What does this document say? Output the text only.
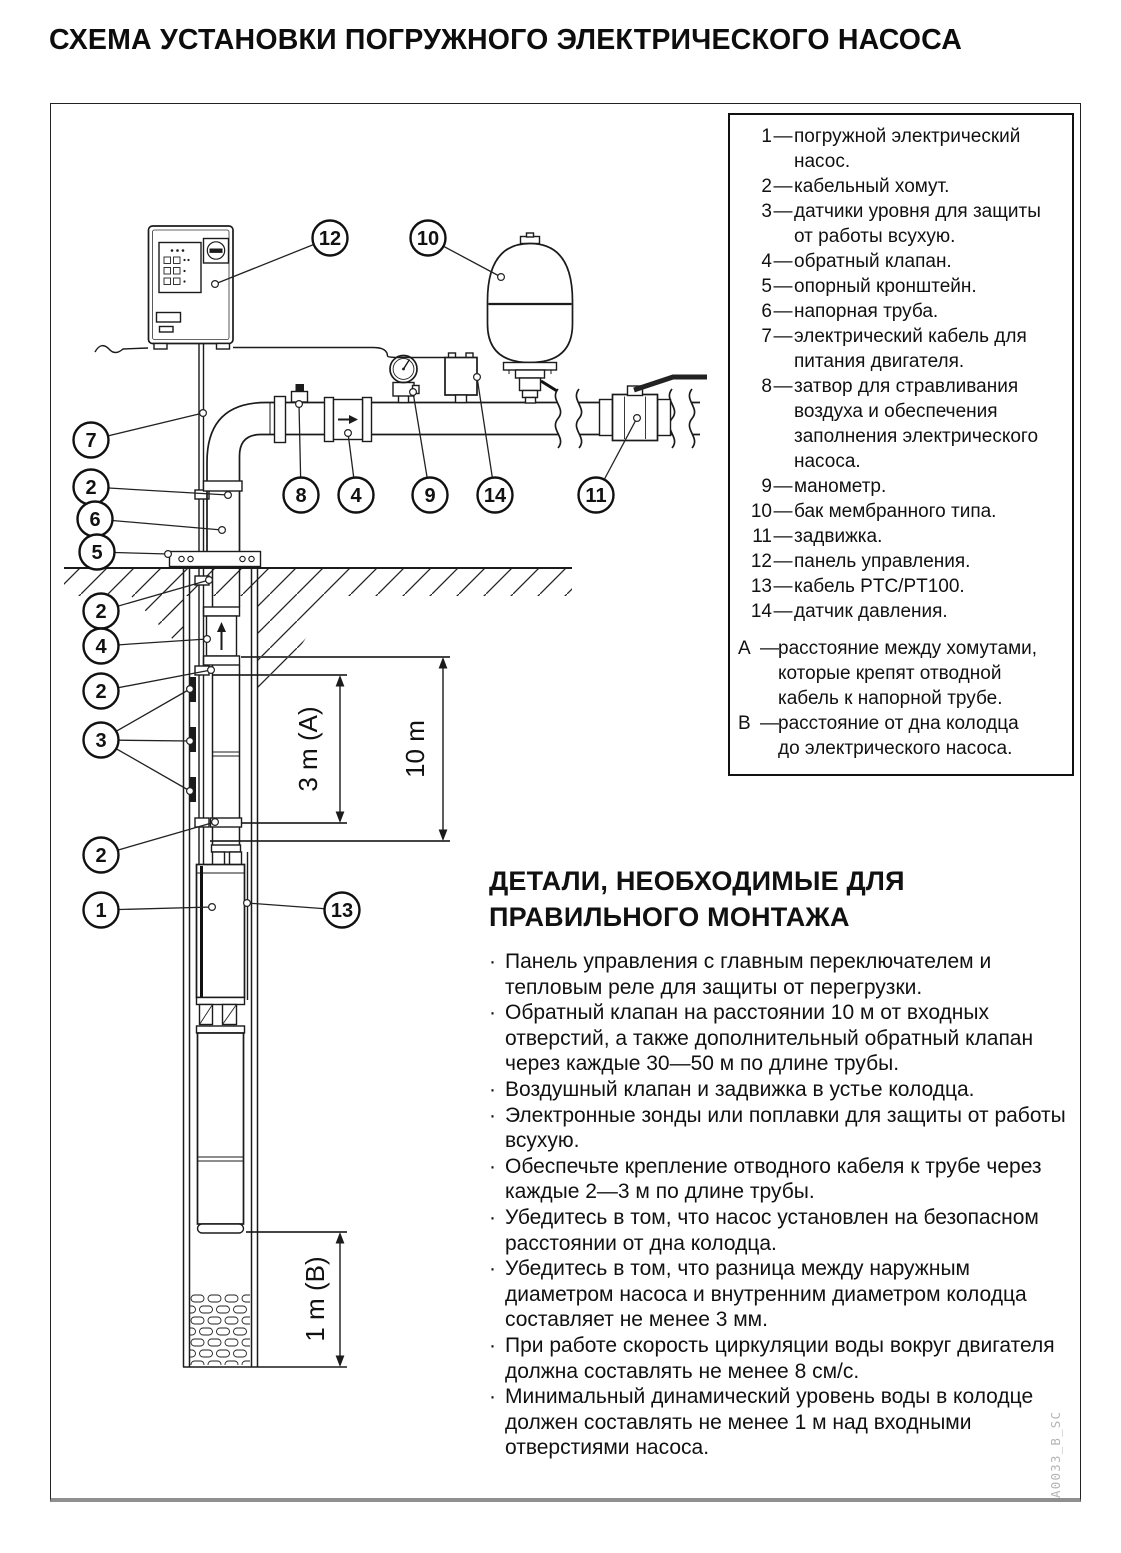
СХЕМА УСТАНОВКИ ПОГРУЖНОГО ЭЛЕКТРИЧЕСКОГО НАСОСА
3 m (A)	10 m
1 m (B)
12	10
7
2
6
5
2
4
2
3
2
1	13
8 4	9 14	11
1 — погружной электрический насос.
2 — кабельный хомут.
3 — датчики уровня для защиты от работы всухую.
4 — обратный клапан.
5 — опорный кронштейн.
6 — напорная труба.
7 — электрический кабель для питания двигателя.
8 — затвор для стравливания воздуха и обеспечения заполнения электрического насоса.
9 — манометр.
10 — бак мембранного типа.
11 — задвижка.
12 — панель управления.
13 — кабель PTC/PT100.
14 — датчик давления.
A — расстояние между хомутами, которые крепят отводной кабель к напорной трубе.
B — расстояние от дна колодца до электрического насоса.
ДЕТАЛИ, НЕОБХОДИМЫЕ ДЛЯ ПРАВИЛЬНОГО МОНТАЖА
· Панель управления с главным переключателем и тепловым реле для защиты от перегрузки.
· Обратный клапан на расстоянии 10 м от входных отверстий, а также дополнительный обратный клапан через каждые 30—50 м по длине трубы.
· Воздушный клапан и задвижка в устье колодца.
· Электронные зонды или поплавки для защиты от работы всухую.
· Обеспечьте крепление отводного кабеля к трубе через каждые 2—3 м по длине трубы.
· Убедитесь в том, что насос установлен на безопасном расстоянии от дна колодца.
· Убедитесь в том, что разница между наружным диаметром насоса и внутренним диаметром колодца составляет не менее 3 мм.
· При работе скорость циркуляции воды вокруг двигателя должна составлять не менее 8 см/с.
· Минимальный динамический уровень воды в колодце должен составлять не менее 1 м над входными отверстиями насоса.	A0033_B_SC
